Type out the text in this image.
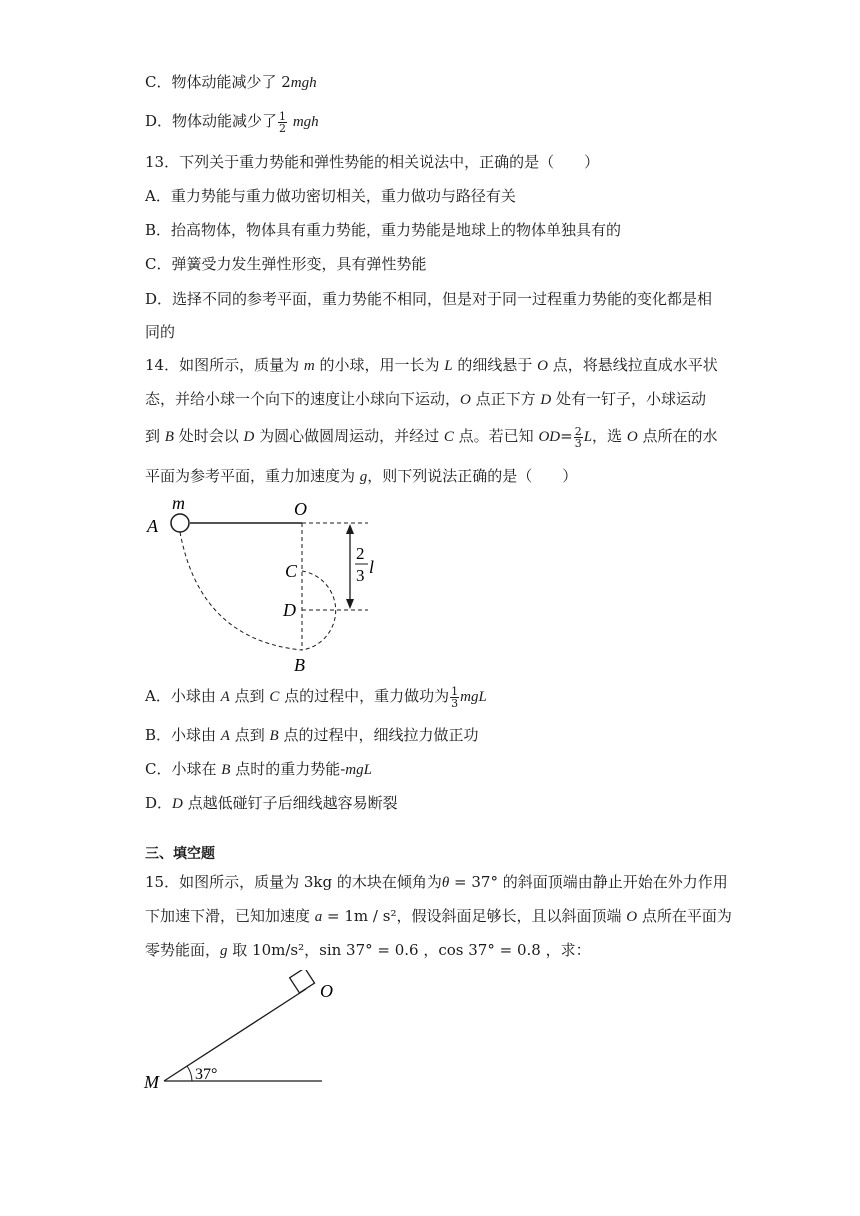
C．物体动能减少了 2mgh
D．物体动能减少了 $\frac{1}{2}$ mgh
13．下列关于重力势能和弹性势能的相关说法中，正确的是（　　）
A．重力势能与重力做功密切相关，重力做功与路径有关
B．抬高物体，物体具有重力势能，重力势能是地球上的物体单独具有的
C．弹簧受力发生弹性形变，具有弹性势能
D．选择不同的参考平面，重力势能不相同，但是对于同一过程重力势能的变化都是相
同的
14．如图所示，质量为 m 的小球，用一长为 L 的细线悬于 O 点，将悬线拉直成水平状
态，并给小球一个向下的速度让小球向下运动，O 点正下方 D 处有一钉子，小球运动
到 B 处时会以 D 为圆心做圆周运动，并经过 C 点。若已知 $OD= \frac{2}{3}$ L，选 O 点所在的水
平面为参考平面，重力加速度为 g，则下列说法正确的是（　　）
m
A
O
C
D
B
2
3 l
A．小球由 A 点到 C 点的过程中，重力做功为 $\frac{1}{3}$ mgL
B．小球由 A 点到 B 点的过程中，细线拉力做正功
C．小球在 B 点时的重力势能-mgL
D．D 点越低碰钉子后细线越容易断裂
三、填空题
15．如图所示，质量为 3kg 的木块在倾角为θ = 37° 的斜面顶端由静止开始在外力作用
下加速下滑，已知加速度 a = 1m / s²，假设斜面足够长，且以斜面顶端 O 点所在平面为
零势能面，g 取 10m/s²，sin 37° = 0.6 ，cos 37° = 0.8 ，求：
M
O
37°
